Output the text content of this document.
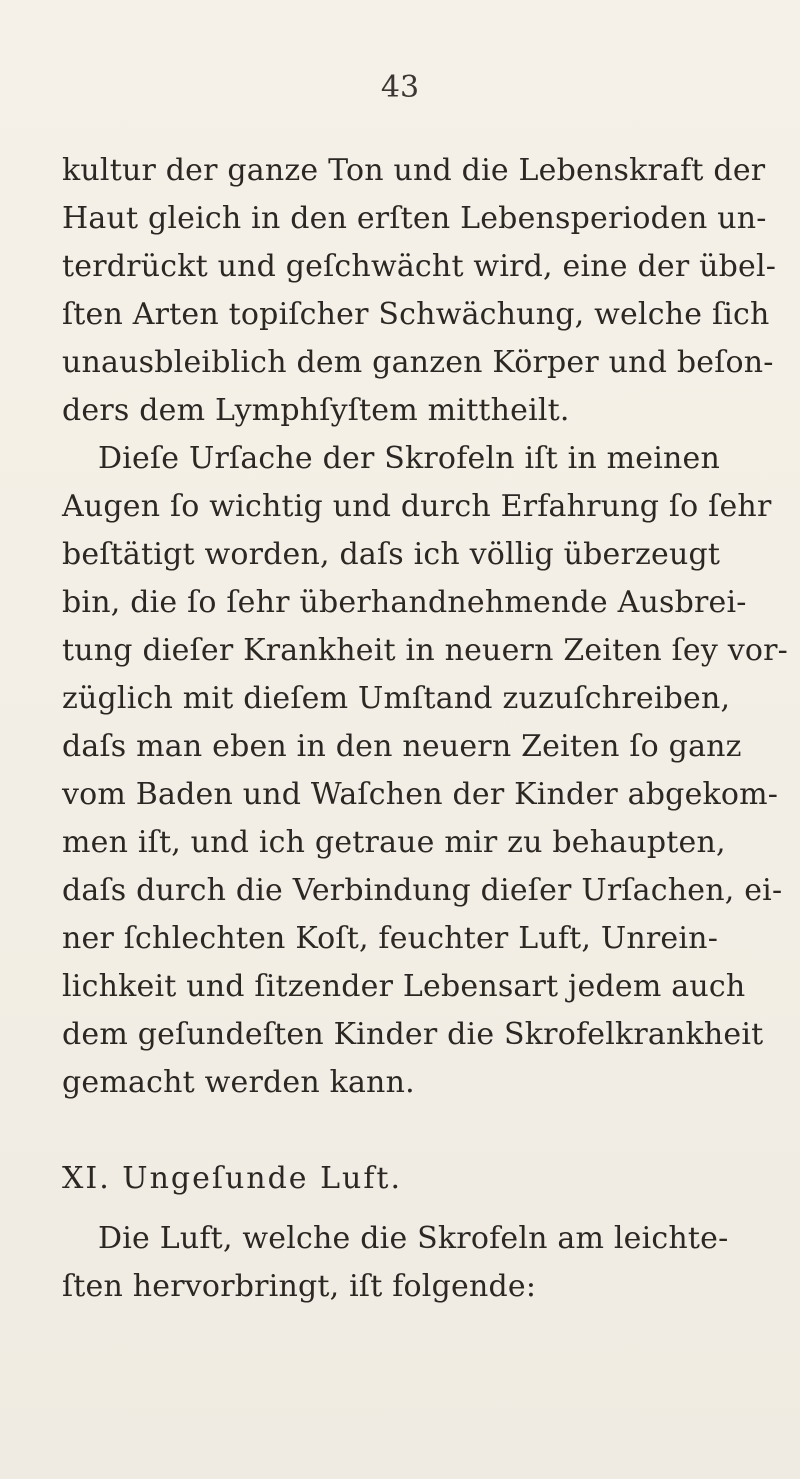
43
kultur der ganze Ton und die Lebenskraft der
Haut gleich in den erſten Lebensperioden un-
terdrückt und geſchwächt wird, eine der übel-
ſten Arten topiſcher Schwächung, welche ſich
unausbleiblich dem ganzen Körper und beſon-
ders dem Lymphſyſtem mittheilt.
Dieſe Urſache der Skrofeln iſt in meinen
Augen ſo wichtig und durch Erfahrung ſo ſehr
beſtätigt worden, daſs ich völlig überzeugt
bin, die ſo ſehr überhandnehmende Ausbrei-
tung dieſer Krankheit in neuern Zeiten ſey vor-
züglich mit dieſem Umſtand zuzuſchreiben,
daſs man eben in den neuern Zeiten ſo ganz
vom Baden und Waſchen der Kinder abgekom-
men iſt, und ich getraue mir zu behaupten,
daſs durch die Verbindung dieſer Urſachen, ei-
ner ſchlechten Koſt, feuchter Luft, Unrein-
lichkeit und ſitzender Lebensart jedem auch
dem geſundeſten Kinder die Skrofelkrankheit
gemacht werden kann.
XI. Ungeſunde Luft.
Die Luft, welche die Skrofeln am leichte-
ſten hervorbringt, iſt folgende:
